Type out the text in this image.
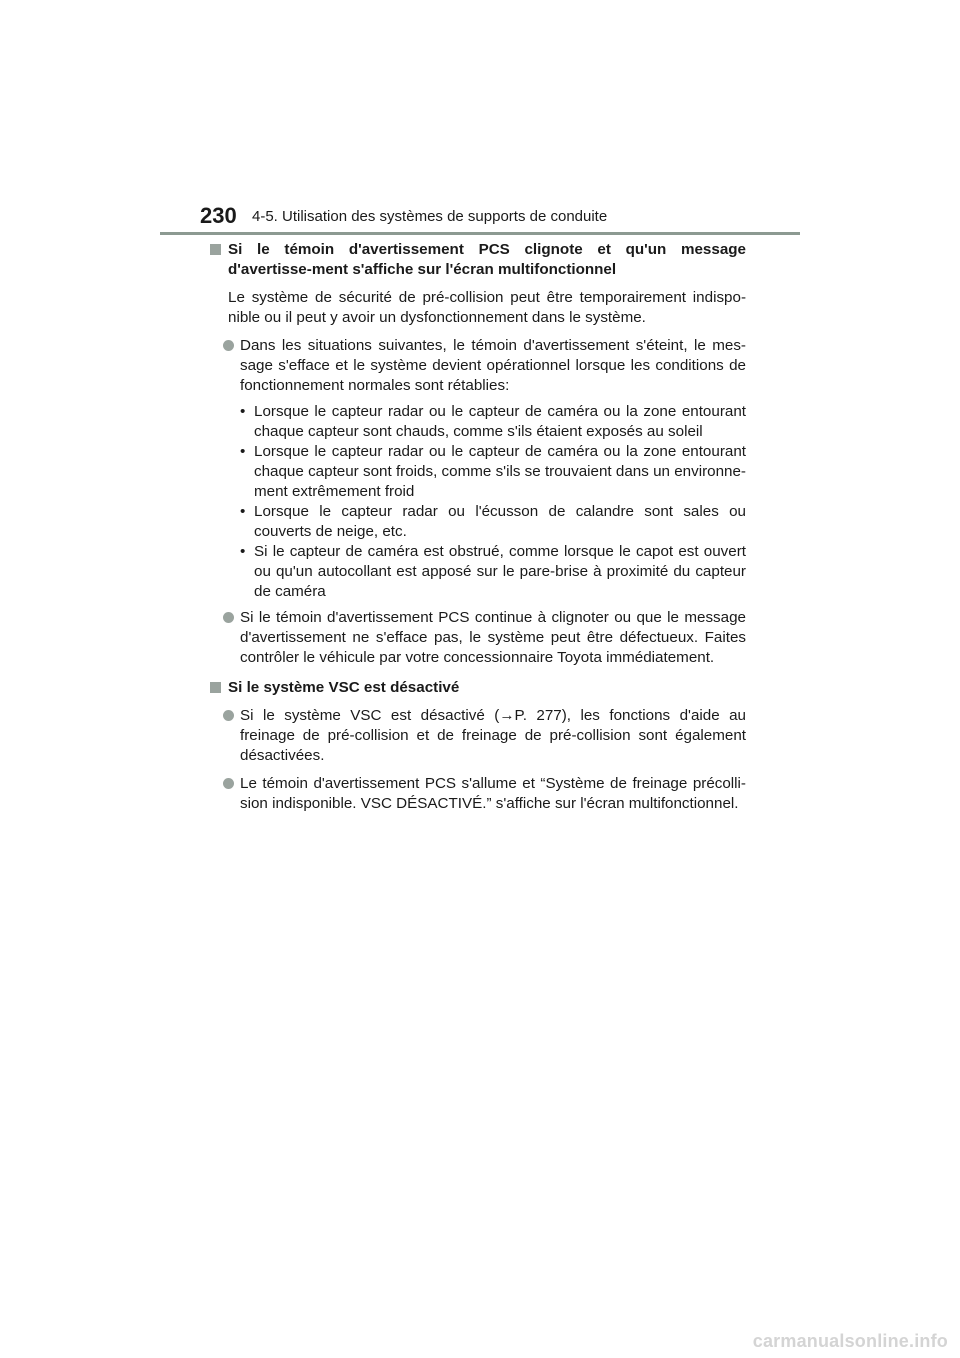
230 4-5. Utilisation des systèmes de supports de conduite
Si le témoin d'avertissement PCS clignote et qu'un message d'avertisse-ment s'affiche sur l'écran multifonctionnel
Le système de sécurité de pré-collision peut être temporairement indispo-nible ou il peut y avoir un dysfonctionnement dans le système.
Dans les situations suivantes, le témoin d'avertissement s'éteint, le mes-sage s'efface et le système devient opérationnel lorsque les conditions de fonctionnement normales sont rétablies:
• Lorsque le capteur radar ou le capteur de caméra ou la zone entourant chaque capteur sont chauds, comme s'ils étaient exposés au soleil
• Lorsque le capteur radar ou le capteur de caméra ou la zone entourant chaque capteur sont froids, comme s'ils se trouvaient dans un environne-ment extrêmement froid
• Lorsque le capteur radar ou l'écusson de calandre sont sales ou couverts de neige, etc.
• Si le capteur de caméra est obstrué, comme lorsque le capot est ouvert ou qu'un autocollant est apposé sur le pare-brise à proximité du capteur de caméra
Si le témoin d'avertissement PCS continue à clignoter ou que le message d'avertissement ne s'efface pas, le système peut être défectueux. Faites contrôler le véhicule par votre concessionnaire Toyota immédiatement.
Si le système VSC est désactivé
Si le système VSC est désactivé (→P. 277), les fonctions d'aide au freinage de pré-collision et de freinage de pré-collision sont également désactivées.
Le témoin d'avertissement PCS s'allume et “Système de freinage précolli-sion indisponible. VSC DÉSACTIVÉ.” s'affiche sur l'écran multifonctionnel.
carmanualsonline.info
